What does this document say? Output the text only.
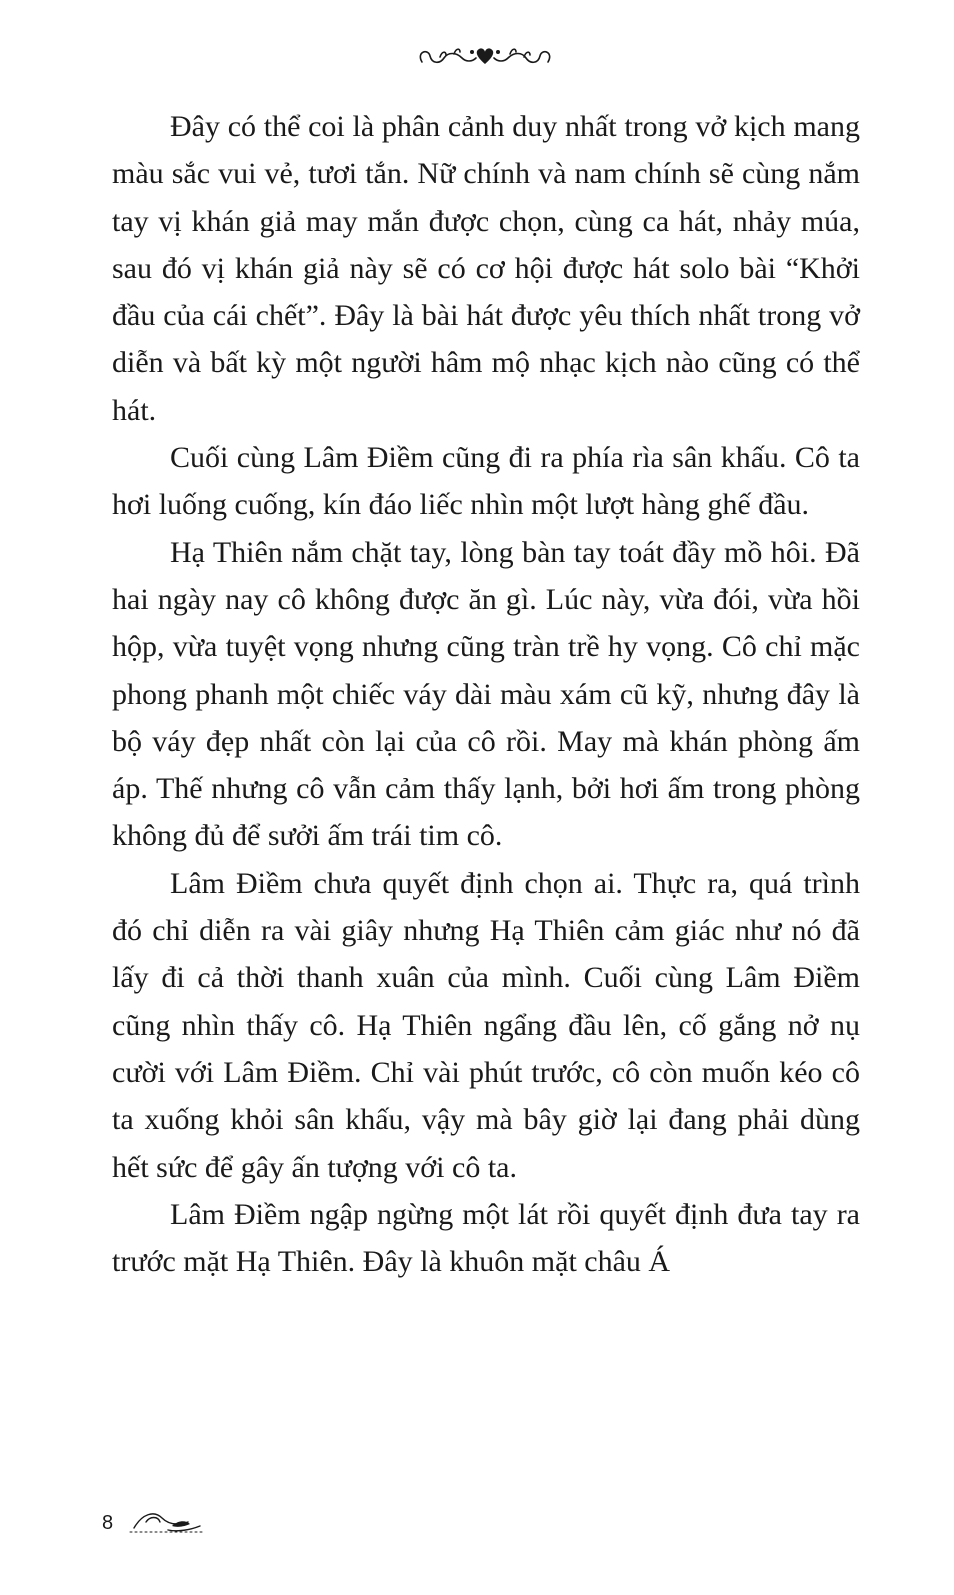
Đây có thể coi là phân cảnh duy nhất trong vở kịch mang màu sắc vui vẻ, tươi tắn. Nữ chính và nam chính sẽ cùng nắm tay vị khán giả may mắn được chọn, cùng ca hát, nhảy múa, sau đó vị khán giả này sẽ có cơ hội được hát solo bài “Khởi đầu của cái chết”. Đây là bài hát được yêu thích nhất trong vở diễn và bất kỳ một người hâm mộ nhạc kịch nào cũng có thể hát.

Cuối cùng Lâm Điềm cũng đi ra phía rìa sân khấu. Cô ta hơi luống cuống, kín đáo liếc nhìn một lượt hàng ghế đầu.

Hạ Thiên nắm chặt tay, lòng bàn tay toát đầy mồ hôi. Đã hai ngày nay cô không được ăn gì. Lúc này, vừa đói, vừa hồi hộp, vừa tuyệt vọng nhưng cũng tràn trề hy vọng. Cô chỉ mặc phong phanh một chiếc váy dài màu xám cũ kỹ, nhưng đây là bộ váy đẹp nhất còn lại của cô rồi. May mà khán phòng ấm áp. Thế nhưng cô vẫn cảm thấy lạnh, bởi hơi ấm trong phòng không đủ để sưởi ấm trái tim cô.

Lâm Điềm chưa quyết định chọn ai. Thực ra, quá trình đó chỉ diễn ra vài giây nhưng Hạ Thiên cảm giác như nó đã lấy đi cả thời thanh xuân của mình. Cuối cùng Lâm Điềm cũng nhìn thấy cô. Hạ Thiên ngẩng đầu lên, cố gắng nở nụ cười với Lâm Điềm. Chỉ vài phút trước, cô còn muốn kéo cô ta xuống khỏi sân khấu, vậy mà bây giờ lại đang phải dùng hết sức để gây ấn tượng với cô ta.

Lâm Điềm ngập ngừng một lát rồi quyết định đưa tay ra trước mặt Hạ Thiên. Đây là khuôn mặt châu Á

8
